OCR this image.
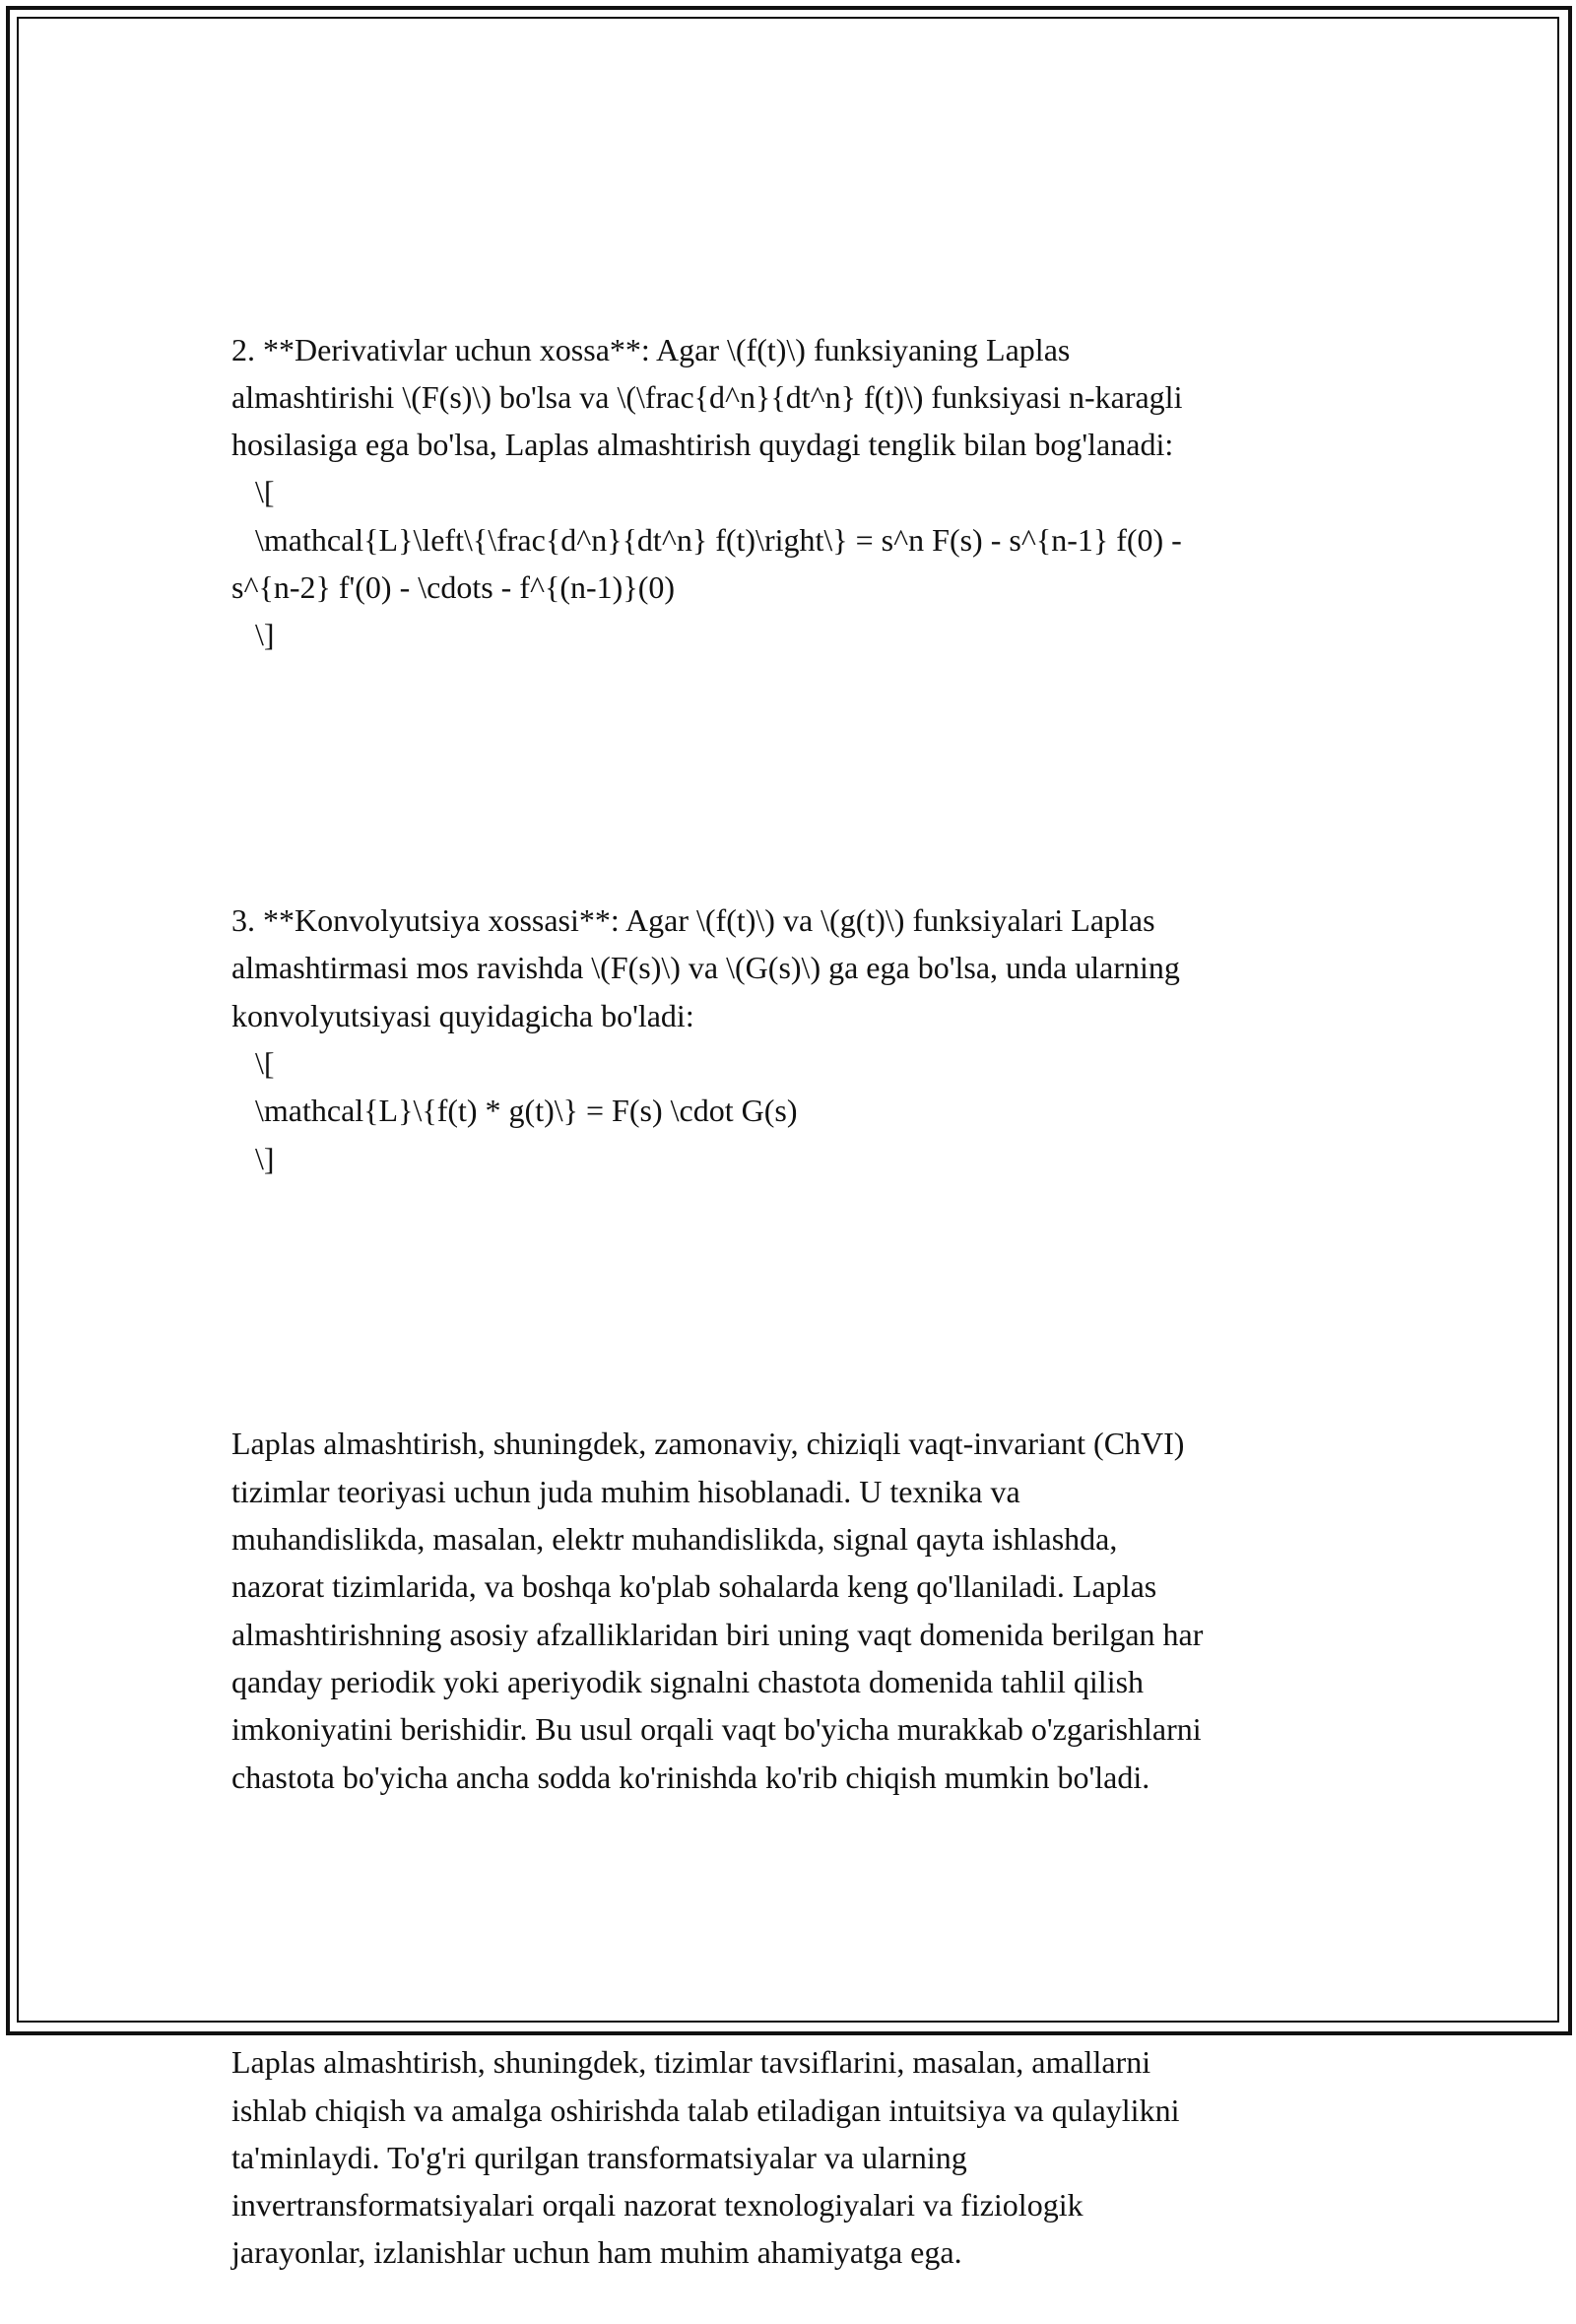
2. **Derivativlar uchun xossa**: Agar \(f(t)\) funksiyaning Laplas
almashtirishi \(F(s)\) bo'lsa va \(\frac{d^n}{dt^n} f(t)\) funksiyasi n-karagli
hosilasiga ega bo'lsa, Laplas almashtirish quydagi tenglik bilan bog'lanadi:
\[
\mathcal{L}\left\{\frac{d^n}{dt^n} f(t)\right\} = s^n F(s) - s^{n-1} f(0) -
s^{n-2} f'(0) - \cdots - f^{(n-1)}(0)
\]

3. **Konvolyutsiya xossasi**: Agar \(f(t)\) va \(g(t)\) funksiyalari Laplas
almashtirmasi mos ravishda \(F(s)\) va \(G(s)\) ga ega bo'lsa, unda ularning
konvolyutsiyasi quyidagicha bo'ladi:
\[
\mathcal{L}\{f(t) * g(t)\} = F(s) \cdot G(s)
\]

Laplas almashtirish, shuningdek, zamonaviy, chiziqli vaqt-invariant (ChVI)
tizimlar teoriyasi uchun juda muhim hisoblanadi. U texnika va
muhandislikda, masalan, elektr muhandislikda, signal qayta ishlashda,
nazorat tizimlarida, va boshqa ko'plab sohalarda keng qo'llaniladi. Laplas
almashtirishning asosiy afzalliklaridan biri uning vaqt domenida berilgan har
qanday periodik yoki aperiyodik signalni chastota domenida tahlil qilish
imkoniyatini berishidir. Bu usul orqali vaqt bo'yicha murakkab o'zgarishlarni
chastota bo'yicha ancha sodda ko'rinishda ko'rib chiqish mumkin bo'ladi.

Laplas almashtirish, shuningdek, tizimlar tavsiflarini, masalan, amallarni
ishlab chiqish va amalga oshirishda talab etiladigan intuitsiya va qulaylikni
ta'minlaydi. To'g'ri qurilgan transformatsiyalar va ularning
invertransformatsiyalari orqali nazorat texnologiyalari va fiziologik
jarayonlar, izlanishlar uchun ham muhim ahamiyatga ega.
